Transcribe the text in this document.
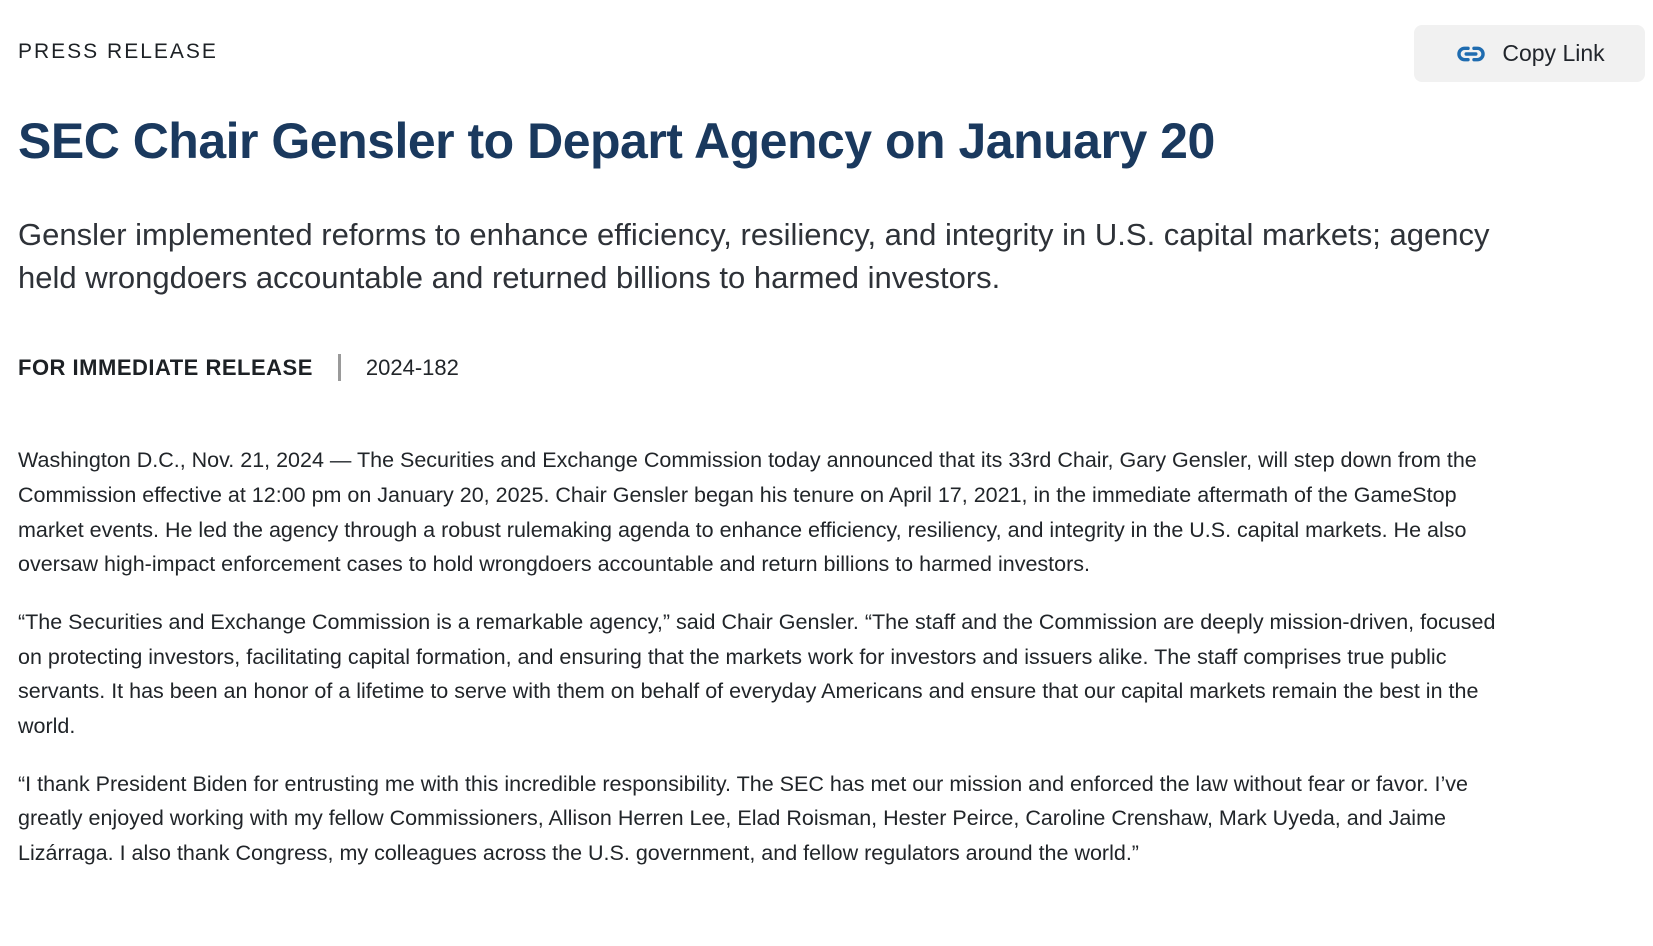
PRESS RELEASE	Copy Link
SEC Chair Gensler to Depart Agency on January 20
Gensler implemented reforms to enhance efficiency, resiliency, and integrity in U.S. capital markets; agency held wrongdoers accountable and returned billions to harmed investors.
FOR IMMEDIATE RELEASE 2024-182

Washington D.C., Nov. 21, 2024 — The Securities and Exchange Commission today announced that its 33rd Chair, Gary Gensler, will step down from the Commission effective at 12:00 pm on January 20, 2025. Chair Gensler began his tenure on April 17, 2021, in the immediate aftermath of the GameStop market events. He led the agency through a robust rulemaking agenda to enhance efficiency, resiliency, and integrity in the U.S. capital markets. He also oversaw high-impact enforcement cases to hold wrongdoers accountable and return billions to harmed investors.

“The Securities and Exchange Commission is a remarkable agency,” said Chair Gensler. “The staff and the Commission are deeply mission-driven, focused on protecting investors, facilitating capital formation, and ensuring that the markets work for investors and issuers alike. The staff comprises true public servants. It has been an honor of a lifetime to serve with them on behalf of everyday Americans and ensure that our capital markets remain the best in the world.

“I thank President Biden for entrusting me with this incredible responsibility. The SEC has met our mission and enforced the law without fear or favor. I’ve greatly enjoyed working with my fellow Commissioners, Allison Herren Lee, Elad Roisman, Hester Peirce, Caroline Crenshaw, Mark Uyeda, and Jaime Lizárraga. I also thank Congress, my colleagues across the U.S. government, and fellow regulators around the world.”
